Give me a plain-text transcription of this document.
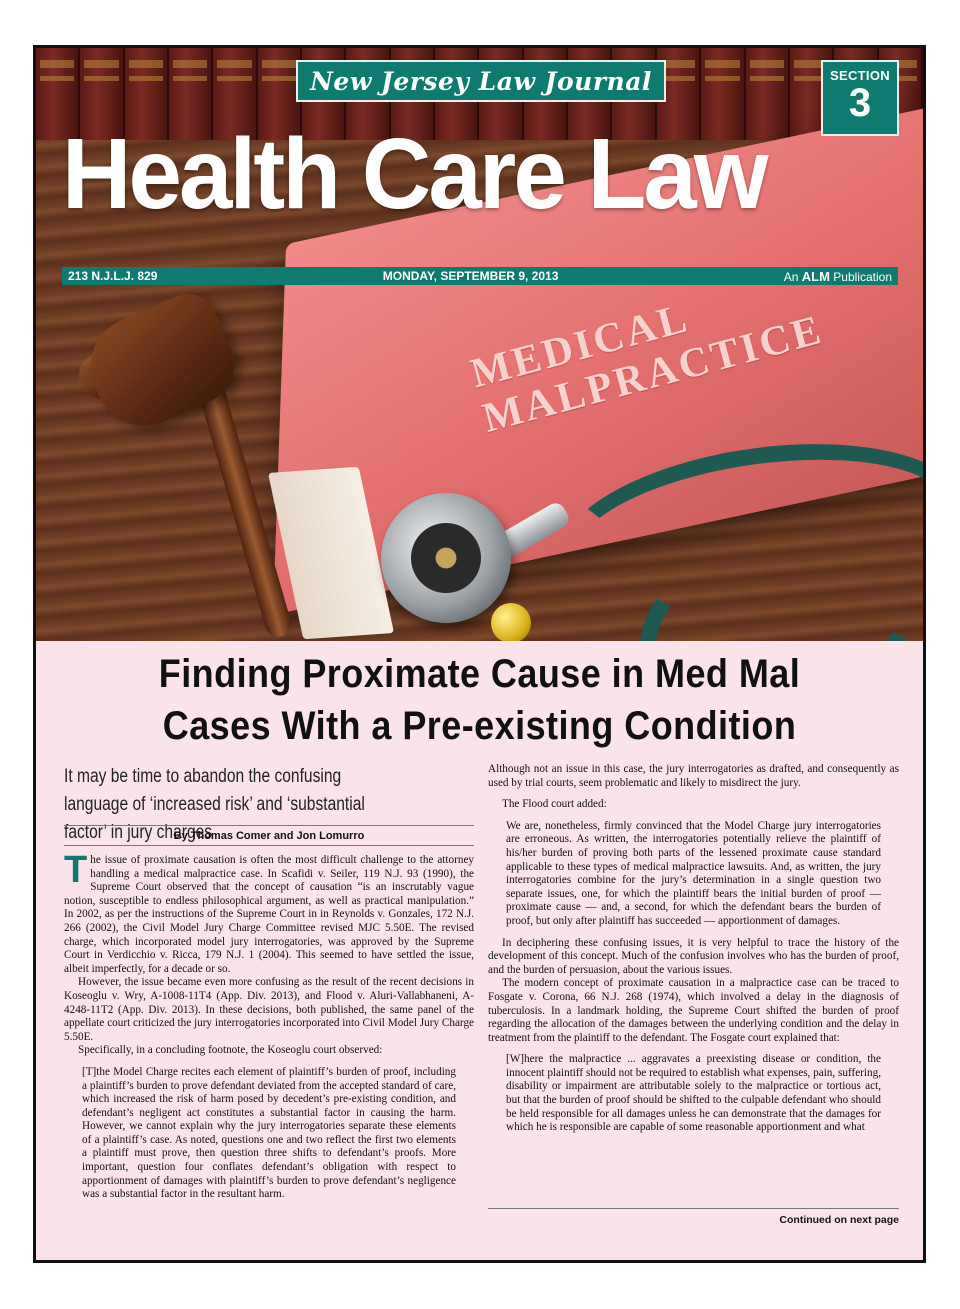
MEDICAL MALPRACTICE
New Jersey Law Journal	SECTION
3
Health Care Law
213 N.J.L.J. 829	MONDAY, SEPTEMBER 9, 2013	An ALM Publication
Finding Proximate Cause in Med Mal
Cases With a Pre-existing Condition
It may be time to abandon the confusing language of ‘increased risk’ and ‘substantial factor’ in jury charges
By Thomas Comer and Jon Lomurro

The issue of proximate causation is often the most difficult challenge to the attorney handling a medical malpractice case. In Scafidi v. Seiler, 119 N.J. 93 (1990), the Supreme Court observed that the concept of causation “is an inscrutably vague notion, susceptible to endless philosophical argument, as well as practical manipulation.” In 2002, as per the instructions of the Supreme Court in in Reynolds v. Gonzales, 172 N.J. 266 (2002), the Civil Model Jury Charge Committee revised MJC 5.50E. The revised charge, which incorporated model jury interrogatories, was approved by the Supreme Court in Verdicchio v. Ricca, 179 N.J. 1 (2004). This seemed to have settled the issue, albeit imperfectly, for a decade or so.

However, the issue became even more confusing as the result of the recent decisions in Koseoglu v. Wry, A-1008-11T4 (App. Div. 2013), and Flood v. Aluri-Vallabhaneni, A-4248-11T2 (App. Div. 2013). In these decisions, both published, the same panel of the appellate court criticized the jury interrogatories incorporated into Civil Model Jury Charge 5.50E.

Specifically, in a concluding footnote, the Koseoglu court observed:

[T]the Model Charge recites each element of plaintiff’s burden of proof, including a plaintiff’s burden to prove defendant deviated from the accepted standard of care, which increased the risk of harm posed by decedent’s pre-existing condition, and defendant’s negligent act constitutes a substantial factor in causing the harm. However, we cannot explain why the jury interrogatories separate these elements of a plaintiff’s case. As noted, questions one and two reflect the first two elements a plaintiff must prove, then question three shifts to defendant’s proofs. More important, question four conflates defendant’s obligation with respect to apportionment of damages with plaintiff’s burden to prove defendant’s negligence was a substantial factor in the resultant harm.

Although not an issue in this case, the jury interrogatories as drafted, and consequently as used by trial courts, seem problematic and likely to misdirect the jury.

The Flood court added:

We are, nonetheless, firmly convinced that the Model Charge jury interrogatories are erroneous. As written, the interrogatories potentially relieve the plaintiff of his/her burden of proving both parts of the lessened proximate cause standard applicable to these types of medical malpractice lawsuits. And, as written, the jury interrogatories combine for the jury’s determination in a single question two separate issues, one, for which the plaintiff bears the initial burden of proof — proximate cause — and, a second, for which the defendant bears the burden of proof, but only after plaintiff has succeeded — apportionment of damages.

In deciphering these confusing issues, it is very helpful to trace the history of the development of this concept. Much of the confusion involves who has the burden of proof, and the burden of persuasion, about the various issues.

The modern concept of proximate causation in a malpractice case can be traced to Fosgate v. Corona, 66 N.J. 268 (1974), which involved a delay in the diagnosis of tuberculosis. In a landmark holding, the Supreme Court shifted the burden of proof regarding the allocation of the damages between the underlying condition and the delay in treatment from the plaintiff to the defendant. The Fosgate court explained that:

[W]here the malpractice ... aggravates a preexisting disease or condition, the innocent plaintiff should not be required to establish what expenses, pain, suffering, disability or impairment are attributable solely to the malpractice or tortious act, but that the burden of proof should be shifted to the culpable defendant who should be held responsible for all damages unless he can demonstrate that the damages for which he is responsible are capable of some reasonable apportionment and what

Continued on next page
